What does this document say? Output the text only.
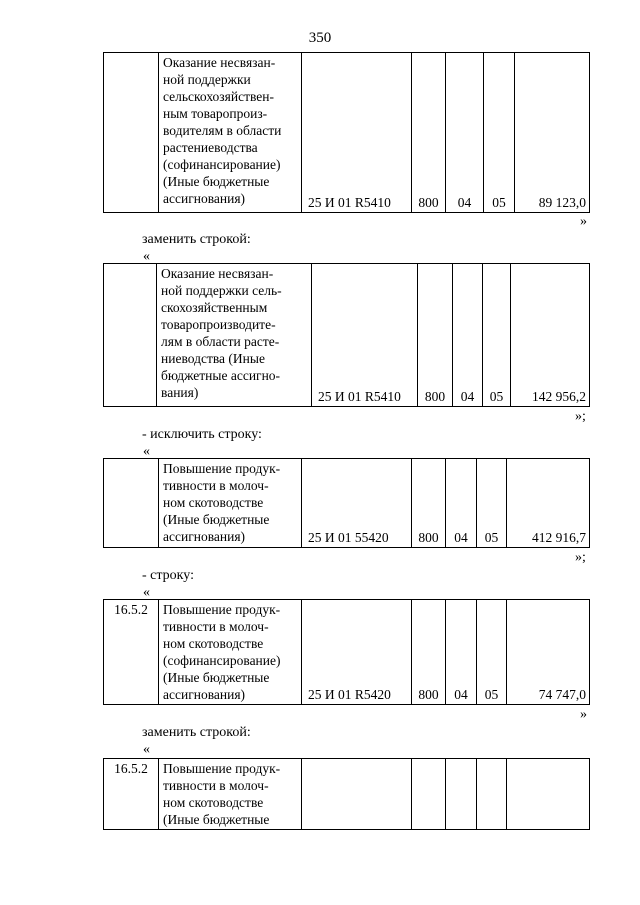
350

Оказание несвязан-
ной поддержки
сельскохозяйствен-
ным товаропроиз-
водителям в области
растениеводства
(софинансирование)
(Иные бюджетные
ассигнования)	25 И 01 R5410	800	04	05	89 123,0
»
заменить строкой:
«

Оказание несвязан-
ной поддержки сель-
скохозяйственным
товаропроизводите-
лям в области расте-
ниеводства (Иные
бюджетные ассигно-
вания)	25 И 01 R5410	800	04	05	142 956,2
»;
- исключить строку:
«

Повышение продук-
тивности в молоч-
ном скотоводстве
(Иные бюджетные
ассигнования)	25 И 01 55420	800	04	05	412 916,7
»;
- строку:
«
16.5.2	Повышение продук-
тивности в молоч-
ном скотоводстве
(софинансирование)
(Иные бюджетные
ассигнования)	25 И 01 R5420	800	04	05	74 747,0
»
заменить строкой:
«
16.5.2	Повышение продук-
тивности в молоч-
ном скотоводстве
(Иные бюджетные
